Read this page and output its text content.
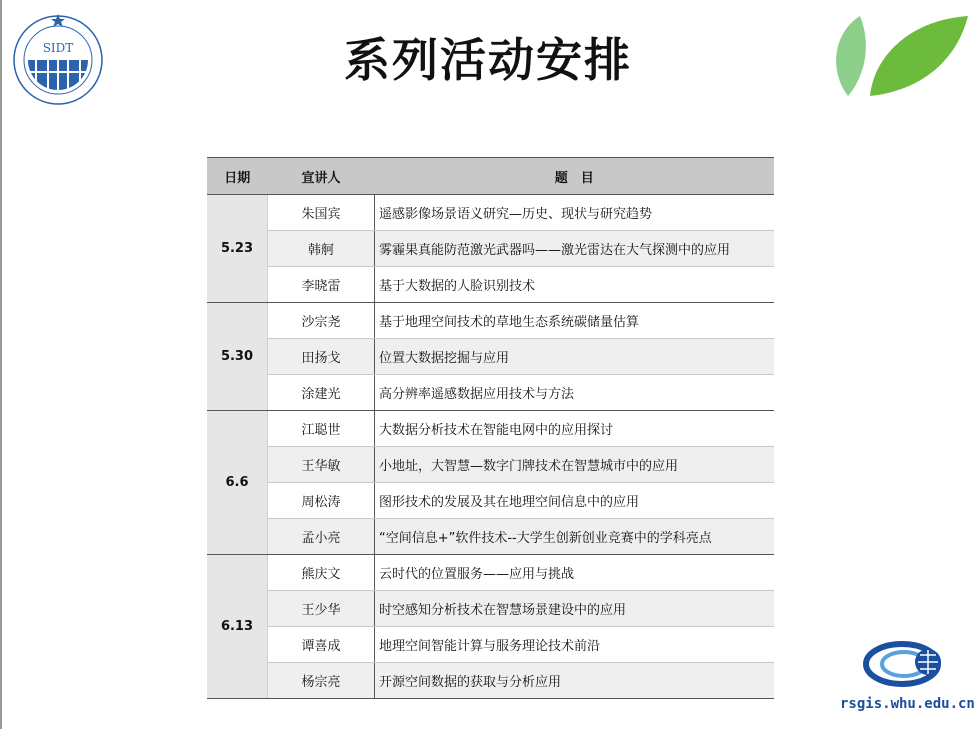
SIDT	系列活动安排
日期	宣讲人	题　目
5.23	朱国宾	遥感影像场景语义研究—历史、现状与研究趋势
	韩舸	雾霾果真能防范激光武器吗——激光雷达在大气探测中的应用
	李晓雷	基于大数据的人脸识别技术
5.30	沙宗尧	基于地理空间技术的草地生态系统碳储量估算
	田扬戈	位置大数据挖掘与应用
	涂建光	高分辨率遥感数据应用技术与方法
6.6	江聪世	大数据分析技术在智能电网中的应用探讨
	王华敏	小地址，大智慧—数字门牌技术在智慧城市中的应用
	周松涛	图形技术的发展及其在地理空间信息中的应用
	孟小亮	“空间信息+”软件技术--大学生创新创业竞赛中的学科亮点
6.13	熊庆文	云时代的位置服务——应用与挑战
	王少华	时空感知分析技术在智慧场景建设中的应用
	谭喜成	地理空间智能计算与服务理论技术前沿
	杨宗亮	开源空间数据的获取与分析应用
rsgis.whu.edu.cn
